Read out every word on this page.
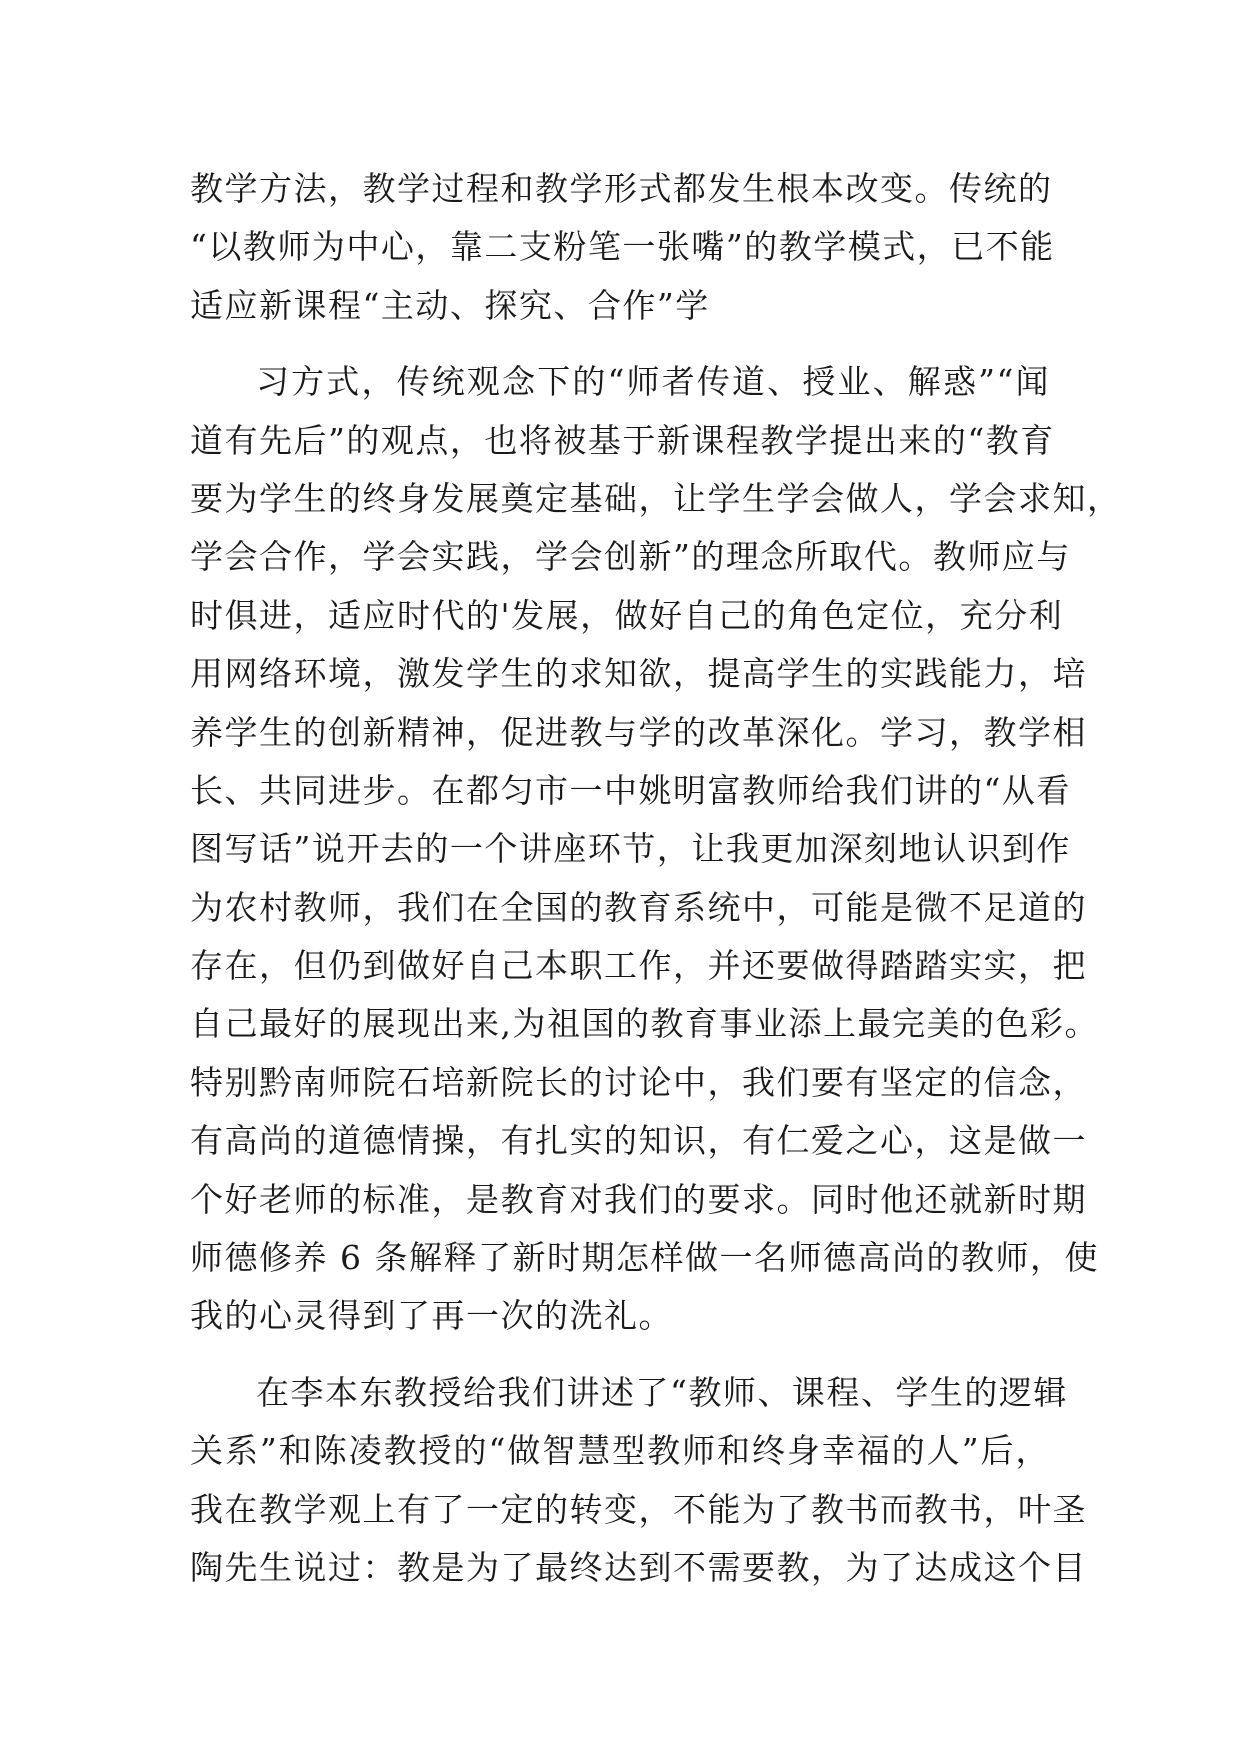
教学方法，教学过程和教学形式都发生根本改变。传统的
“以教师为中心，靠二支粉笔一张嘴”的教学模式，已不能
适应新课程“主动、探究、合作”学
习方式，传统观念下的“师者传道、授业、解惑”“闻
道有先后”的观点，也将被基于新课程教学提出来的“教育
要为学生的终身发展奠定基础，让学生学会做人，学会求知，
学会合作，学会实践，学会创新”的理念所取代。教师应与
时俱进，适应时代的'发展，做好自己的角色定位，充分利
用网络环境，激发学生的求知欲，提高学生的实践能力，培
养学生的创新精神，促进教与学的改革深化。学习，教学相
长、共同进步。在都匀市一中姚明富教师给我们讲的“从看
图写话”说开去的一个讲座环节，让我更加深刻地认识到作
为农村教师，我们在全国的教育系统中，可能是微不足道的
存在，但仍到做好自己本职工作，并还要做得踏踏实实，把
自己最好的展现出来,为祖国的教育事业添上最完美的色彩。
特别黔南师院石培新院长的讨论中，我们要有坚定的信念，
有高尚的道德情操，有扎实的知识，有仁爱之心，这是做一
个好老师的标准，是教育对我们的要求。同时他还就新时期
师德修养 6 条解释了新时期怎样做一名师德高尚的教师，使
我的心灵得到了再一次的洗礼。
在李本东教授给我们讲述了“教师、课程、学生的逻辑
关系”和陈凌教授的“做智慧型教师和终身幸福的人”后，
我在教学观上有了一定的转变，不能为了教书而教书，叶圣
陶先生说过：教是为了最终达到不需要教，为了达成这个目
